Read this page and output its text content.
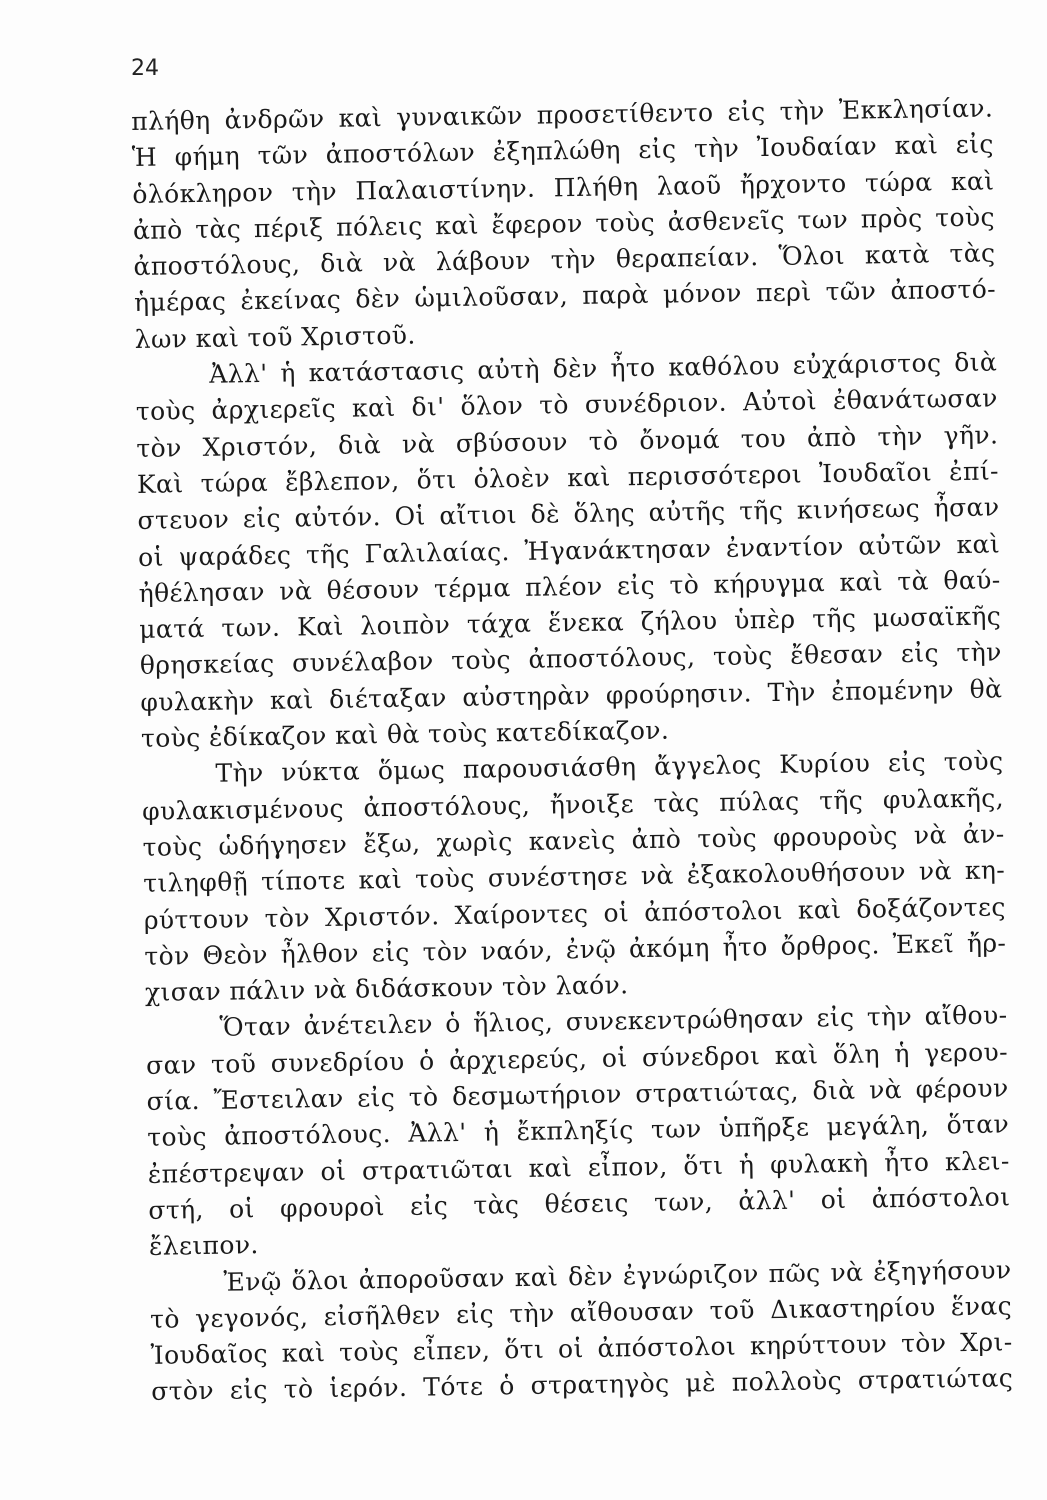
24
πλήθη ἀνδρῶν καὶ γυναικῶν προσετίθεντο εἰς τὴν Ἐκκλησίαν.
Ἡ φήμη τῶν ἀποστόλων ἐξηπλώθη εἰς τὴν Ἰουδαίαν καὶ εἰς
ὁλόκληρον τὴν Παλαιστίνην. Πλήθη λαοῦ ἤρχοντο τώρα καὶ
ἀπὸ τὰς πέριξ πόλεις καὶ ἔφερον τοὺς ἀσθενεῖς των πρὸς τοὺς
ἀποστόλους, διὰ νὰ λάβουν τὴν θεραπείαν. Ὅλοι κατὰ τὰς
ἡμέρας ἐκείνας δὲν ὡμιλοῦσαν, παρὰ μόνον περὶ τῶν ἀποστό-
λων καὶ τοῦ Χριστοῦ.
Ἀλλ' ἡ κατάστασις αὐτὴ δὲν ἦτο καθόλου εὐχάριστος διὰ
τοὺς ἀρχιερεῖς καὶ δι' ὅλον τὸ συνέδριον. Αὐτοὶ ἐθανάτωσαν
τὸν Χριστόν, διὰ νὰ σβύσουν τὸ ὄνομά του ἀπὸ τὴν γῆν.
Καὶ τώρα ἔβλεπον, ὅτι ὁλοὲν καὶ περισσότεροι Ἰουδαῖοι ἐπί-
στευον εἰς αὐτόν. Οἱ αἴτιοι δὲ ὅλης αὐτῆς τῆς κινήσεως ἦσαν
οἱ ψαράδες τῆς Γαλιλαίας. Ἠγανάκτησαν ἐναντίον αὐτῶν καὶ
ἠθέλησαν νὰ θέσουν τέρμα πλέον εἰς τὸ κήρυγμα καὶ τὰ θαύ-
ματά των. Καὶ λοιπὸν τάχα ἕνεκα ζήλου ὑπὲρ τῆς μωσαϊκῆς
θρησκείας συνέλαβον τοὺς ἀποστόλους, τοὺς ἔθεσαν εἰς τὴν
φυλακὴν καὶ διέταξαν αὐστηρὰν φρούρησιν. Τὴν ἐπομένην θὰ
τοὺς ἐδίκαζον καὶ θὰ τοὺς κατεδίκαζον.
Τὴν νύκτα ὅμως παρουσιάσθη ἄγγελος Κυρίου εἰς τοὺς
φυλακισμένους ἀποστόλους, ἤνοιξε τὰς πύλας τῆς φυλακῆς,
τοὺς ὡδήγησεν ἔξω, χωρὶς κανεὶς ἀπὸ τοὺς φρουροὺς νὰ ἀν-
τιληφθῇ τίποτε καὶ τοὺς συνέστησε νὰ ἐξακολουθήσουν νὰ κη-
ρύττουν τὸν Χριστόν. Χαίροντες οἱ ἀπόστολοι καὶ δοξάζοντες
τὸν Θεὸν ἦλθον εἰς τὸν ναόν, ἐνῷ ἀκόμη ἦτο ὄρθρος. Ἐκεῖ ἤρ-
χισαν πάλιν νὰ διδάσκουν τὸν λαόν.
Ὅταν ἀνέτειλεν ὁ ἥλιος, συνεκεντρώθησαν εἰς τὴν αἴθου-
σαν τοῦ συνεδρίου ὁ ἀρχιερεύς, οἱ σύνεδροι καὶ ὅλη ἡ γερου-
σία. Ἔστειλαν εἰς τὸ δεσμωτήριον στρατιώτας, διὰ νὰ φέρουν
τοὺς ἀποστόλους. Ἀλλ' ἡ ἔκπληξίς των ὑπῆρξε μεγάλη, ὅταν
ἐπέστρεψαν οἱ στρατιῶται καὶ εἶπον, ὅτι ἡ φυλακὴ ἦτο κλει-
στή, οἱ φρουροὶ εἰς τὰς θέσεις των, ἀλλ' οἱ ἀπόστολοι
ἔλειπον.
Ἐνῷ ὅλοι ἀποροῦσαν καὶ δὲν ἐγνώριζον πῶς νὰ ἐξηγήσουν
τὸ γεγονός, εἰσῆλθεν εἰς τὴν αἴθουσαν τοῦ Δικαστηρίου ἕνας
Ἰουδαῖος καὶ τοὺς εἶπεν, ὅτι οἱ ἀπόστολοι κηρύττουν τὸν Χρι-
στὸν εἰς τὸ ἱερόν. Τότε ὁ στρατηγὸς μὲ πολλοὺς στρατιώτας
